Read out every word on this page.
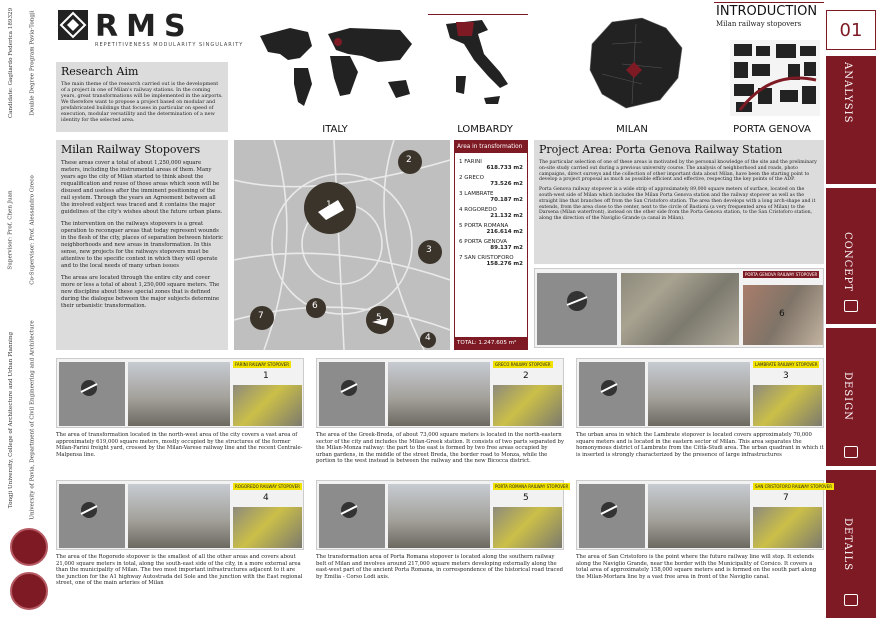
Candidate: Gagliardo Federica 189329	Double Degree Program Pavia-Tongji
Supervisor: Prof. Chen Juan	Co-Supervisor: Prof. Alessandro Greco
Tongji University, College of Architecture and Urban Planning	University of Pavia, Department of Civil Engineering and Architecture
RMS
REPETITIVENESS MODULARITY SINGULARITY
Research Aim
The main theme of the research carried out is the development of a project in one of Milan's railway stations. In the coming years, great transformations will be implemented in the airports. We therefore want to propose a project based on modular and prefabricated buildings that focuses in particular on speed of execution, modular versatility and the determination of a new identity for the selected area.
ITALY	LOMBARDY	MILAN	PORTA GENOVA
INTRODUCTION
Milan railway stopovers 01
ANALYSIS
CONCEPT
DESIGN
DETAILS
Milan Railway Stopovers
These areas cover a total of about 1,250,000 square meters, including the instrumental areas of them. Many years ago the city of Milan started to think about the requalification and reuse of those areas which soon will be disused and useless after the imminent positioning of the rail system. Through the years an Agreement between all the involved subject was traced and it contains the major guidelines of the city's wishes about the future urban plans.
The intervention on the railways stopovers is a great operation to reconquer areas that today represent wounds in the flesh of the city, places of separation between historic neighborhoods and new areas in transformation. In this sense, new projects for the railways stopovers must be attentive to the specific context in which they will operate and to the local needs of many urban issues
The areas are located through the entire city and cover more or less a total of about 1,250,000 square meters. The new discipline about these special zones that is defined during the dialogue between the major subjects determine their urbanistic transformation.
1
2
3
4
5
6
7
Area in transformation
1 FARINI
618.733 m2
2 GRECO
73.526 m2
3 LAMBRATE
70.187 m2
4 ROGOREDO
21.132 m2
5 PORTA ROMANA
216.614 m2
6 PORTA GENOVA
89.137 m2
7 SAN CRISTOFORO
158.276 m2
TOTAL: 1.247.605 m²
Project Area: Porta Genova Railway Station
The particular selection of one of these areas is motivated by the personal knowledge of the site and the preliminary on-site study carried out during a previous university course. The analysis of neighborhood and roads, photo campaigns, direct surveys and the collection of other important data about Milan, have been the starting point to develop a project proposal as much as possible efficient and effective, respecting the key points of the ADP.
Porta Genova railway stopover is a wide strip of approximately 89,000 square meters of surface, located on the south-west side of Milan which includes the Milan Porta Genova station and the railway stopover as well as the straight line that branches off from the San Cristoforo station. The area then develops with a long arch-shape and it extends, from the area close to the center, next to the circle of Bastioni (a very frequented area of Milan) to the Darsena (Milan waterfront), instead on the other side from the Porta Genova station, to the San Cristoforo station, along the direction of the Naviglio Grande (a canal in Milan).
PORTA GENOVA RAILWAY STOPOVER
6
FARINI RAILWAY STOPOVER
1
The area of transformation located in the north-west area of the city covers a vast area of approximately 619,000 square meters, mostly occupied by the structures of the former Milan-Farini freight yard, crossed by the Milan-Varese railway line and the recent Centrale-Malpensa line.
GRECO RAILWAY STOPOVER
2
The area of the Greek-Breda, of about 73,000 square meters is located in the north-eastern sector of the city and includes the Milan-Greek station. It consists of two parts separated by the Milan-Monza railway: the part to the east is formed by two free areas occupied by urban gardens, in the middle of the street Breda, the border road to Monza, while the portion to the west instead is between the railway and the new Bicocca district.
LAMBRATE RAILWAY STOPOVER
3
The urban area in which the Lambrate stopover is located covers approximately 70,000 square meters and is located in the eastern sector of Milan. This area separates the homonymous district of Lambrate from the Città-Studi area. The urban quadrant in which it is inserted is strongly characterized by the presence of large infrastructures
ROGOREDO RAILWAY STOPOVER
4
The area of the Rogoredo stopover is the smallest of all the other areas and covers about 21,000 square meters in total, along the south-east side of the city, in a more external area than the municipality of Milan. The two most important infrastructures adjacent to it are the junction for the A1 highway Autostrada del Sole and the junction with the East regional street, one of the main arteries of Milan
PORTA ROMANA RAILWAY STOPOVER
5
The transformation area of Porta Romana stopover is located along the southern railway belt of Milan and involves around 217,000 square meters developing externally along the east-west part of the ancient Porta Romana, in correspondence of the historical road traced by Emilia - Corso Lodi axis.
SAN CRISTOFORO RAILWAY STOPOVER
7
The area of San Cristoforo is the point where the future railway line will stop. It extends along the Naviglio Grande, near the border with the Municipality of Corsico. It covers a total area of approximately 158,000 square meters and is formed on the south part along the Milan-Mortara line by a vast free area in front of the Naviglio canal.
